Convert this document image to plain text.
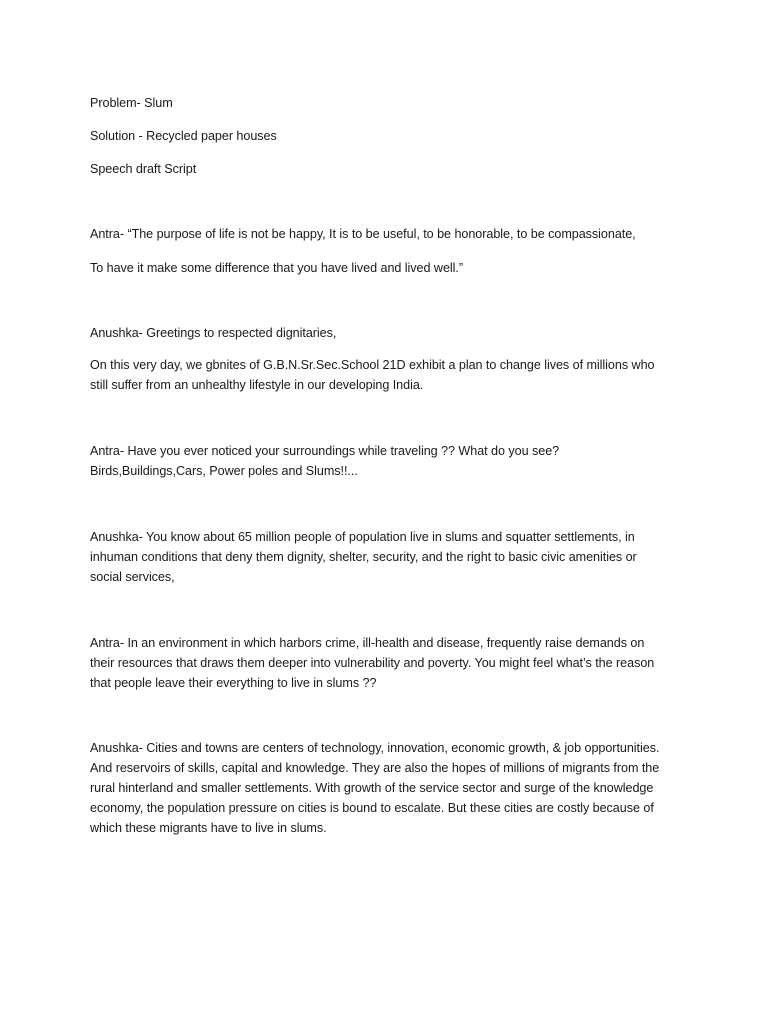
Problem- Slum

Solution - Recycled paper houses

Speech draft Script

Antra- “The purpose of life is not be happy, It is to be useful, to be honorable, to be compassionate,

To have it make some difference that you have lived and lived well.”

Anushka- Greetings to respected dignitaries,

On this very day, we gbnites of G.B.N.Sr.Sec.School 21D exhibit a plan to change lives of millions who
still suffer from an unhealthy lifestyle in our developing India.

Antra- Have you ever noticed your surroundings while traveling ?? What do you see?
Birds,Buildings,Cars, Power poles and Slums!!...

Anushka- You know about 65 million people of population live in slums and squatter settlements, in
inhuman conditions that deny them dignity, shelter, security, and the right to basic civic amenities or
social services,

Antra- In an environment in which harbors crime, ill-health and disease, frequently raise demands on
their resources that draws them deeper into vulnerability and poverty. You might feel what’s the reason
that people leave their everything to live in slums ??

Anushka- Cities and towns are centers of technology, innovation, economic growth, & job opportunities.
And reservoirs of skills, capital and knowledge. They are also the hopes of millions of migrants from the
rural hinterland and smaller settlements. With growth of the service sector and surge of the knowledge
economy, the population pressure on cities is bound to escalate. But these cities are costly because of
which these migrants have to live in slums.
